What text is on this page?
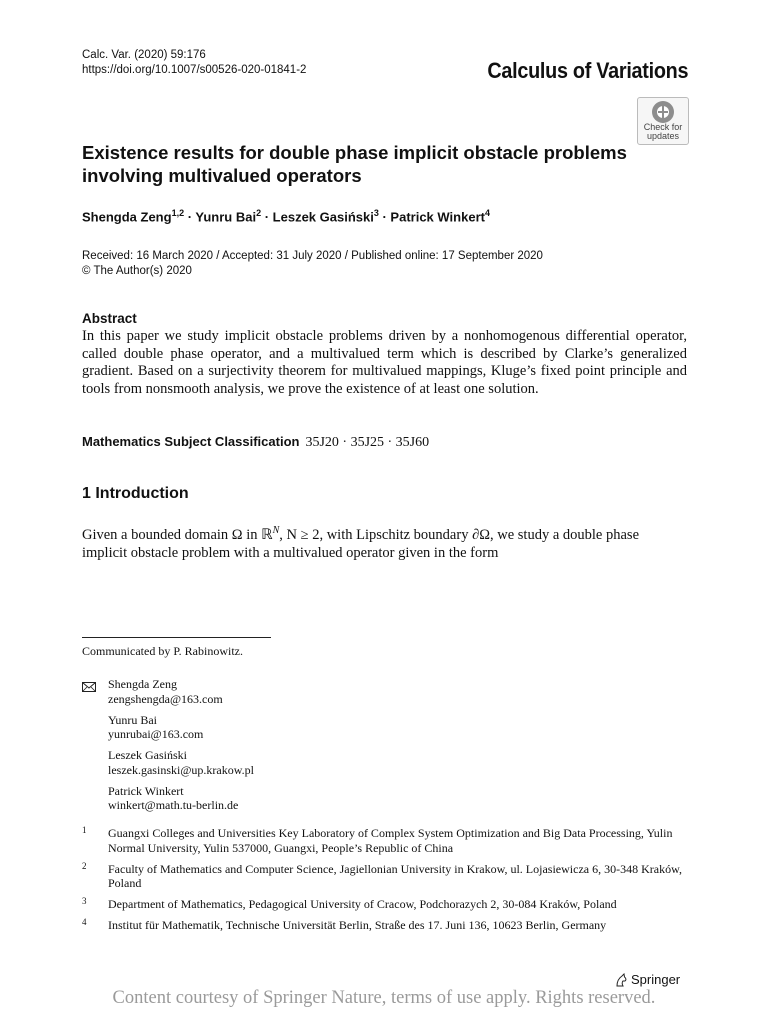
Calc. Var. (2020) 59:176
https://doi.org/10.1007/s00526-020-01841-2	Calculus of Variations
Check for
updates
Existence results for double phase implicit obstacle problems involving multivalued operators
Shengda Zeng$^{1,2}$ · Yunru Bai$^2$ · Leszek Gasiński$^3$ · Patrick Winkert$^4$
Received: 16 March 2020 / Accepted: 31 July 2020 / Published online: 17 September 2020
© The Author(s) 2020
Abstract
In this paper we study implicit obstacle problems driven by a nonhomogenous differential operator, called double phase operator, and a multivalued term which is described by Clarke’s generalized gradient. Based on a surjectivity theorem for multivalued mappings, Kluge’s fixed point principle and tools from nonsmooth analysis, we prove the existence of at least one solution.
Mathematics Subject Classification 35J20 · 35J25 · 35J60
1 Introduction
Given a bounded domain Ω in ℝ$^N$, N ≥ 2, with Lipschitz boundary ∂Ω, we study a double phase implicit obstacle problem with a multivalued operator given in the form
Communicated by P. Rabinowitz.
Shengda Zeng
zengshengda@163.com
Yunru Bai
yunrubai@163.com
Leszek Gasiński
leszek.gasinski@up.krakow.pl
Patrick Winkert
winkert@math.tu-berlin.de
1 Guangxi Colleges and Universities Key Laboratory of Complex System Optimization and Big Data Processing, Yulin Normal University, Yulin 537000, Guangxi, People’s Republic of China
2 Faculty of Mathematics and Computer Science, Jagiellonian University in Krakow, ul. Lojasiewicza 6, 30-348 Kraków, Poland
3 Department of Mathematics, Pedagogical University of Cracow, Podchorazych 2, 30-084 Kraków, Poland
4 Institut für Mathematik, Technische Universität Berlin, Straße des 17. Juni 136, 10623 Berlin, Germany
Springer
Content courtesy of Springer Nature, terms of use apply. Rights reserved.
